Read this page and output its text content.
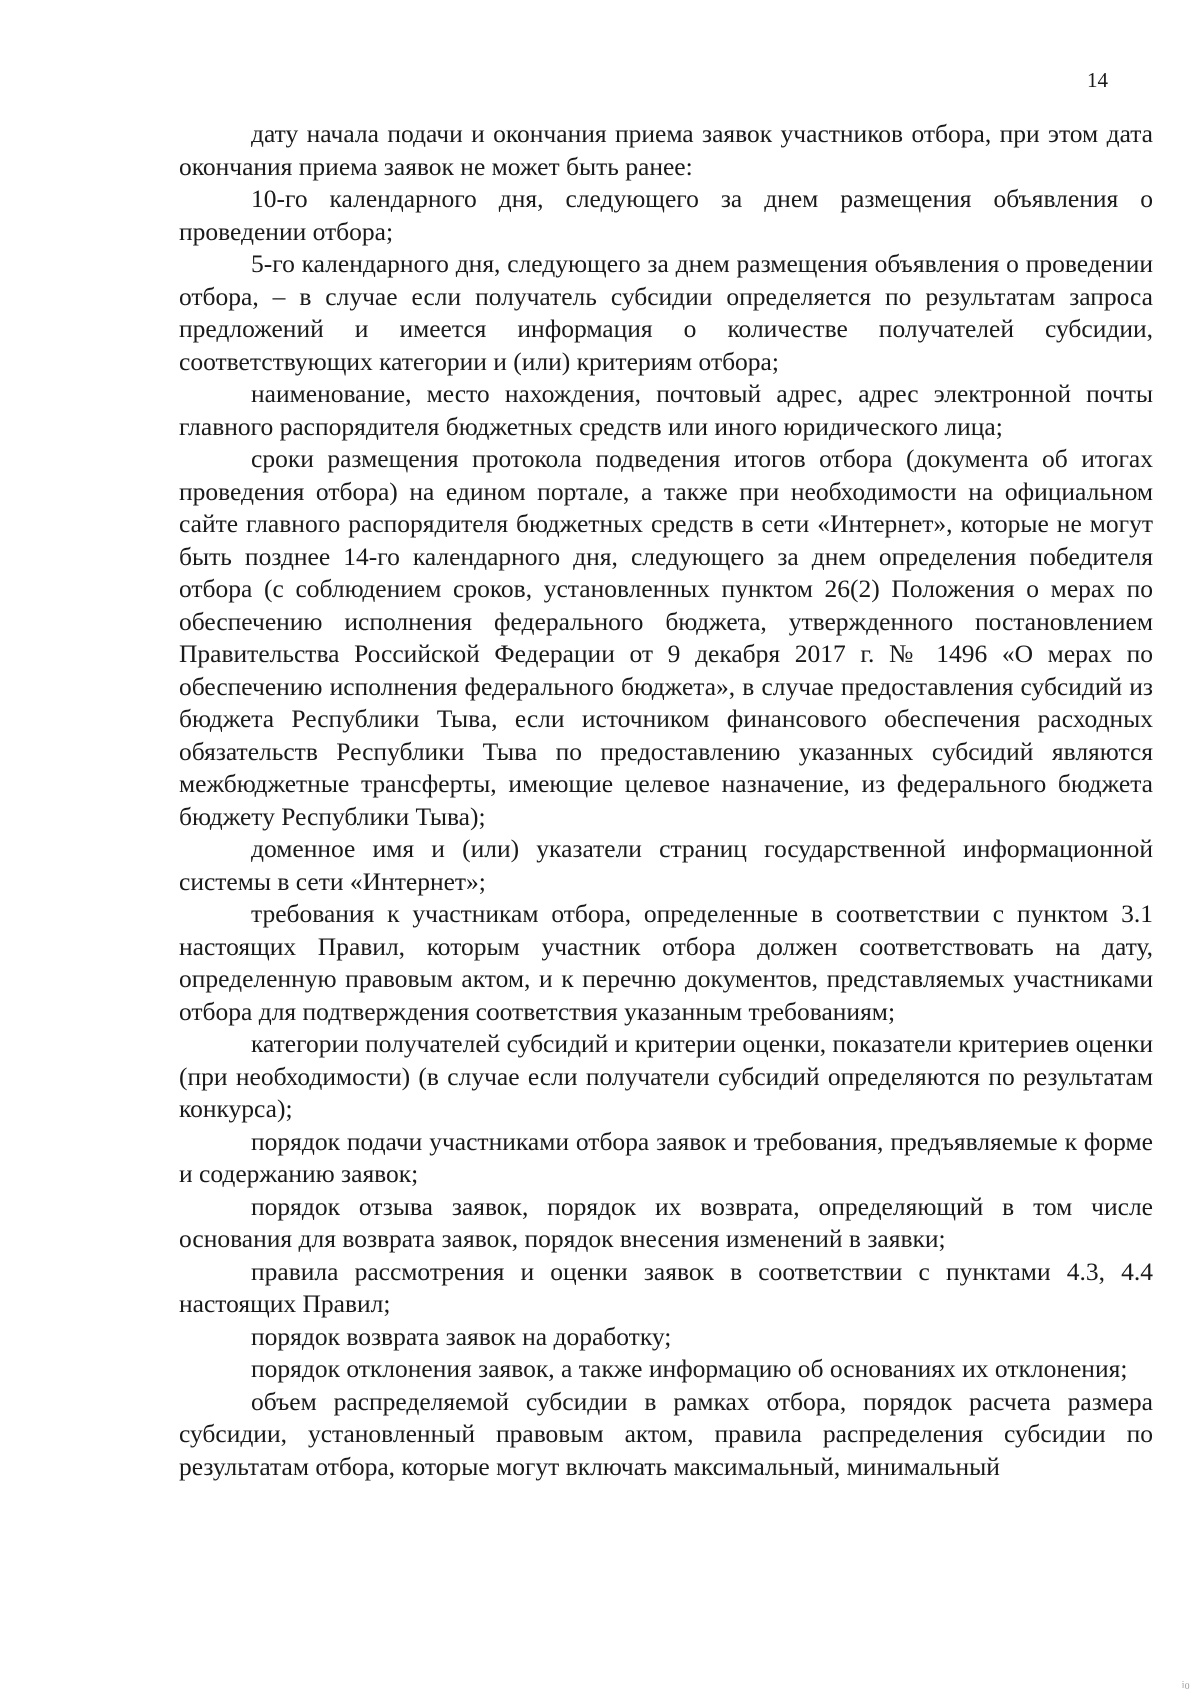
14

дату начала подачи и окончания приема заявок участников отбора, при этом дата окончания приема заявок не может быть ранее:

10-го календарного дня, следующего за днем размещения объявления о проведении отбора;

5-го календарного дня, следующего за днем размещения объявления о проведении отбора, – в случае если получатель субсидии определяется по результатам запроса предложений и имеется информация о количестве получателей субсидии, соответствующих категории и (или) критериям отбора;

наименование, место нахождения, почтовый адрес, адрес электронной почты главного распорядителя бюджетных средств или иного юридического лица;

сроки размещения протокола подведения итогов отбора (документа об итогах проведения отбора) на едином портале, а также при необходимости на официальном сайте главного распорядителя бюджетных средств в сети «Интернет», которые не могут быть позднее 14-го календарного дня, следующего за днем определения победителя отбора (с соблюдением сроков, установленных пунктом 26(2) Положения о мерах по обеспечению исполнения федерального бюджета, утвержденного постановлением Правительства Российской Федерации от 9 декабря 2017 г. № 1496 «О мерах по обеспечению исполнения федерального бюджета», в случае предоставления субсидий из бюджета Республики Тыва, если источником финансового обеспечения расходных обязательств Республики Тыва по предоставлению указанных субсидий являются межбюджетные трансферты, имеющие целевое назначение, из федерального бюджета бюджету Республики Тыва);

доменное имя и (или) указатели страниц государственной информационной системы в сети «Интернет»;

требования к участникам отбора, определенные в соответствии с пунктом 3.1 настоящих Правил, которым участник отбора должен соответствовать на дату, определенную правовым актом, и к перечню документов, представляемых участниками отбора для подтверждения соответствия указанным требованиям;

категории получателей субсидий и критерии оценки, показатели критериев оценки (при необходимости) (в случае если получатели субсидий определяются по результатам конкурса);

порядок подачи участниками отбора заявок и требования, предъявляемые к форме и содержанию заявок;

порядок отзыва заявок, порядок их возврата, определяющий в том числе основания для возврата заявок, порядок внесения изменений в заявки;

правила рассмотрения и оценки заявок в соответствии с пунктами 4.3, 4.4 настоящих Правил;

порядок возврата заявок на доработку;

порядок отклонения заявок, а также информацию об основаниях их отклонения;

объем распределяемой субсидии в рамках отбора, порядок расчета размера субсидии, установленный правовым актом, правила распределения субсидии по результатам отбора, которые могут включать максимальный, минимальный

ᵢ₀
